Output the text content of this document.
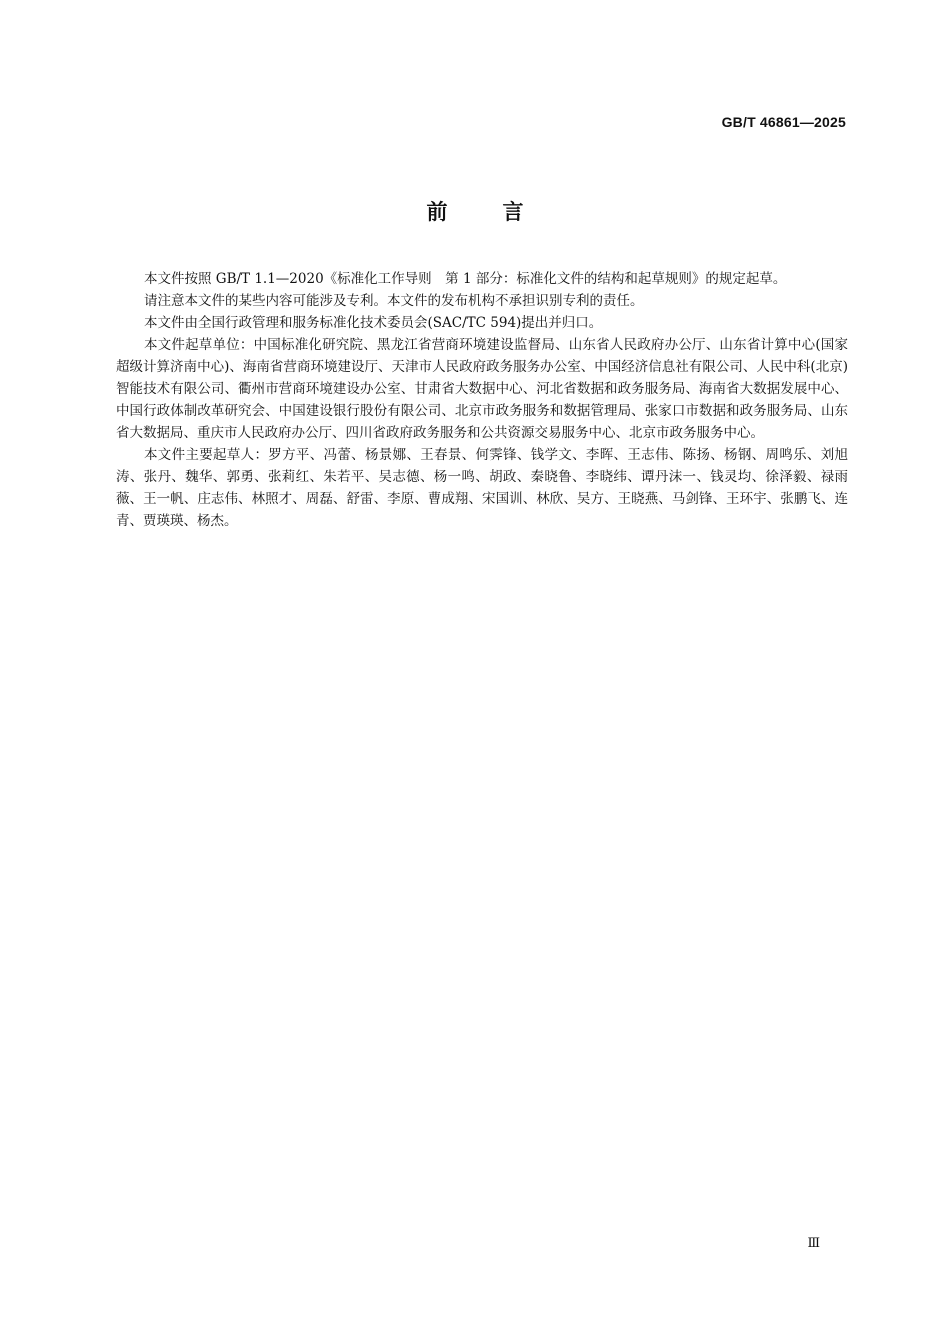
GB/T 46861—2025
前言

本文件按照 GB/T 1.1—2020《标准化工作导则　第 1 部分：标准化文件的结构和起草规则》的规定起草。

请注意本文件的某些内容可能涉及专利。本文件的发布机构不承担识别专利的责任。

本文件由全国行政管理和服务标准化技术委员会(SAC/TC 594)提出并归口。

本文件起草单位：中国标准化研究院、黑龙江省营商环境建设监督局、山东省人民政府办公厅、山东省计算中心(国家超级计算济南中心)、海南省营商环境建设厅、天津市人民政府政务服务办公室、中国经济信息社有限公司、人民中科(北京)智能技术有限公司、衢州市营商环境建设办公室、甘肃省大数据中心、河北省数据和政务服务局、海南省大数据发展中心、中国行政体制改革研究会、中国建设银行股份有限公司、北京市政务服务和数据管理局、张家口市数据和政务服务局、山东省大数据局、重庆市人民政府办公厅、四川省政府政务服务和公共资源交易服务中心、北京市政务服务中心。

本文件主要起草人：罗方平、冯蕾、杨景娜、王春景、何霁锋、钱学文、李晖、王志伟、陈扬、杨钢、周鸣乐、刘旭涛、张丹、魏华、郭勇、张莉红、朱若平、吴志德、杨一鸣、胡政、秦晓鲁、李晓纬、谭丹沫一、钱灵均、徐泽毅、禄雨薇、王一帆、庄志伟、林照才、周磊、舒雷、李原、曹成翔、宋国训、林欣、吴方、王晓燕、马剑锋、王环宇、张鹏飞、连青、贾瑛瑛、杨杰。

Ⅲ
